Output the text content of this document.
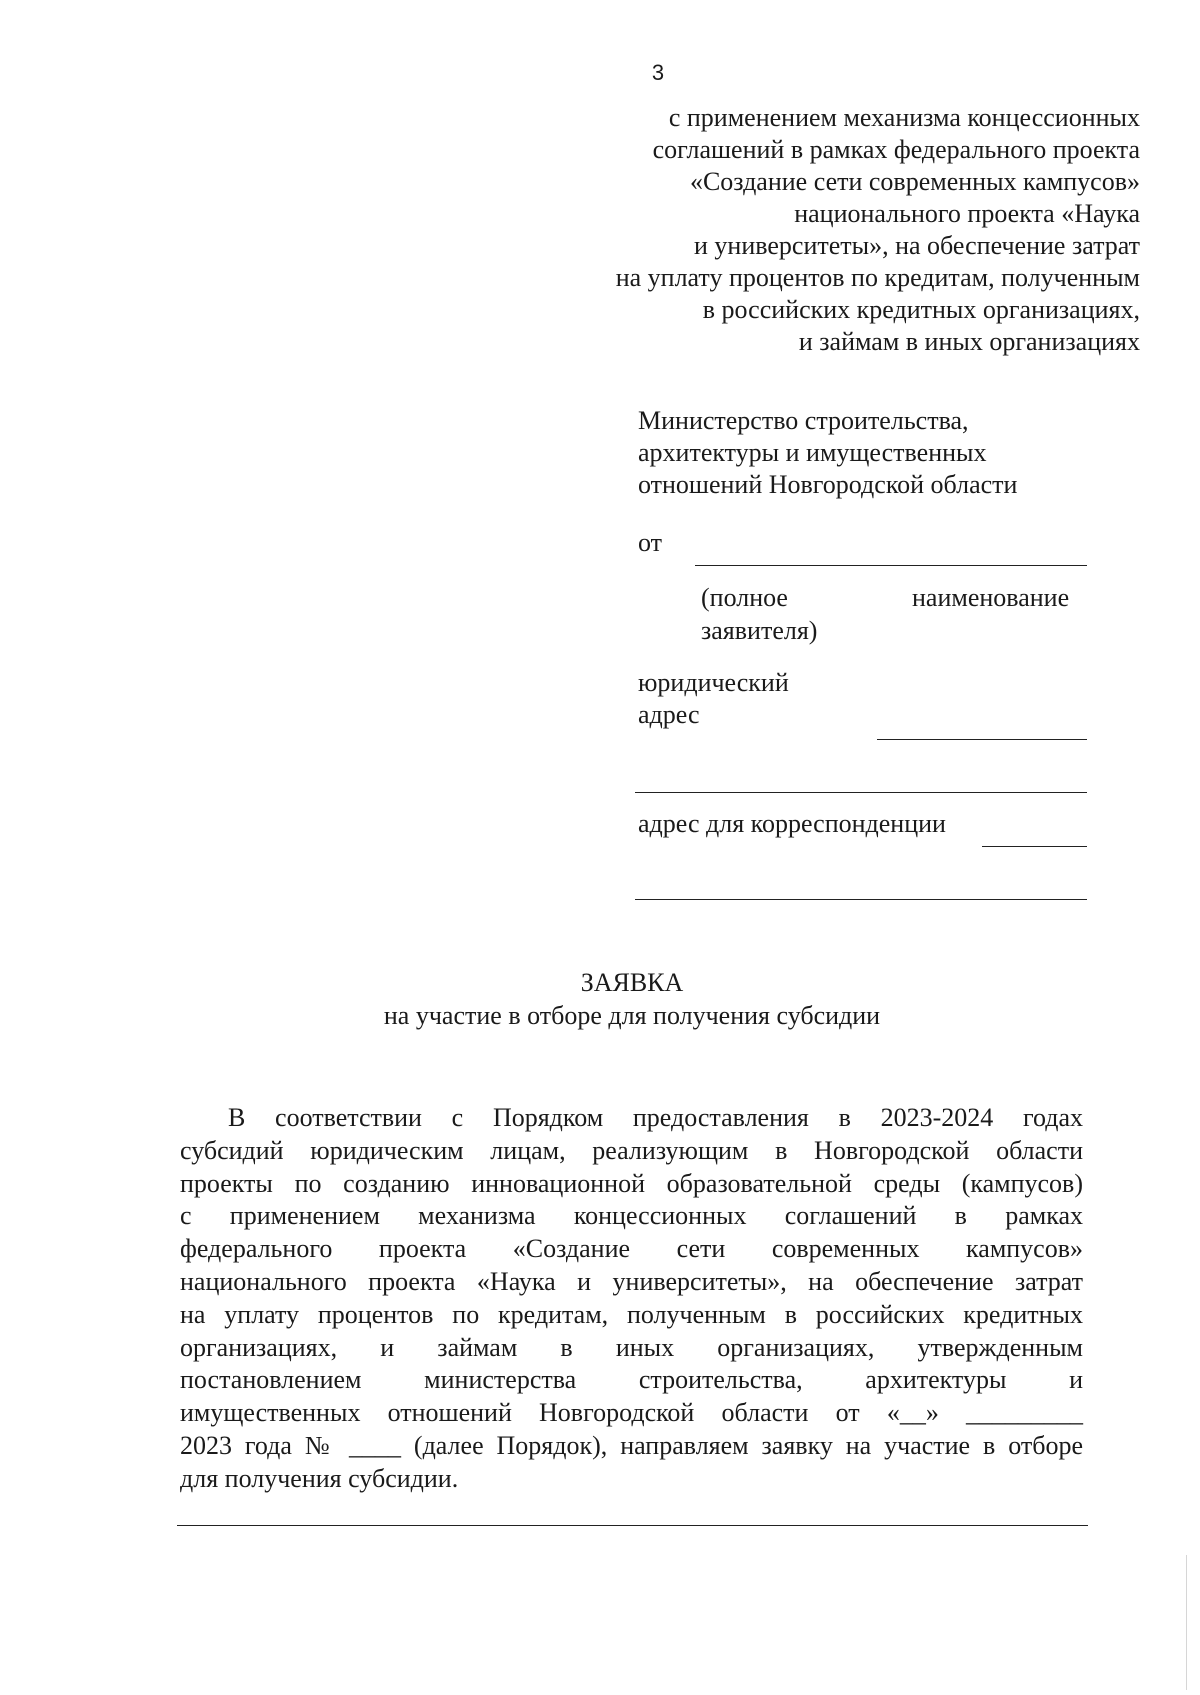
3
с применением механизма концессионных
соглашений в рамках федерального проекта
«Создание сети современных кампусов»
национального проекта «Наука
и университеты», на обеспечение затрат
на уплату процентов по кредитам, полученным
в российских кредитных организациях,
и займам в иных организациях
Министерство строительства,
архитектуры и имущественных
отношений Новгородской области
от
(полное	наименование
заявителя)
юридический
адрес
адрес для корреспонденции
ЗАЯВКА
на участие в отборе для получения субсидии
В соответствии с Порядком предоставления в 2023-2024 годах
субсидий юридическим лицам, реализующим в Новгородской области
проекты по созданию инновационной образовательной среды (кампусов)
с применением механизма концессионных соглашений в рамках
федерального проекта «Создание сети современных кампусов»
национального проекта «Наука и университеты», на обеспечение затрат
на уплату процентов по кредитам, полученным в российских кредитных
организациях, и займам в иных организациях, утвержденным
постановлением министерства строительства, архитектуры и
имущественных отношений Новгородской области от «__» _________
2023 года № ____ (далее Порядок), направляем заявку на участие в отборе
для получения субсидии.
